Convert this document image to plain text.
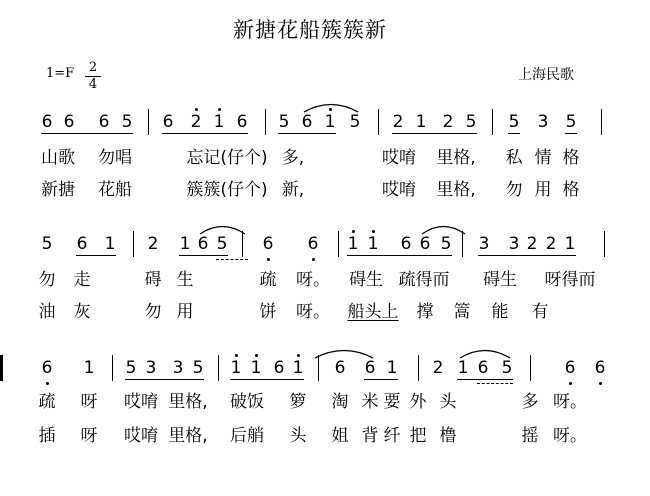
新搪花船簇簇新
$1=F \frac{2}{4}$	上海民歌
6 6 6 5 6 2 1 6 5 6 1 5 2 1 2 5 5 3 5
山歌 勿唱	忘记(仔个) 多,	哎唷 里格, 私 情 格
新搪 花船	簇簇(仔个) 新,	哎唷 里格, 勿 用 格
5 6 1 2 1 6 5 6 6 1 1 6 6 5 3 3 2 2 1
勿 走	碍 生	疏 呀。 碍生 疏得而 碍生 呀得而
油 灰	勿 用	饼 呀。 船头上 撑 篙 能 有
6 1 5 3 3 5 1 1 6 1 6 6 1 2 1 6 5	6 6
疏 呀 哎唷 里格, 破饭 箩 淘 米 要 外 头	多 呀。
插 呀 哎唷 里格, 后艄 头 姐 背 纤 把 橹	摇 呀。
